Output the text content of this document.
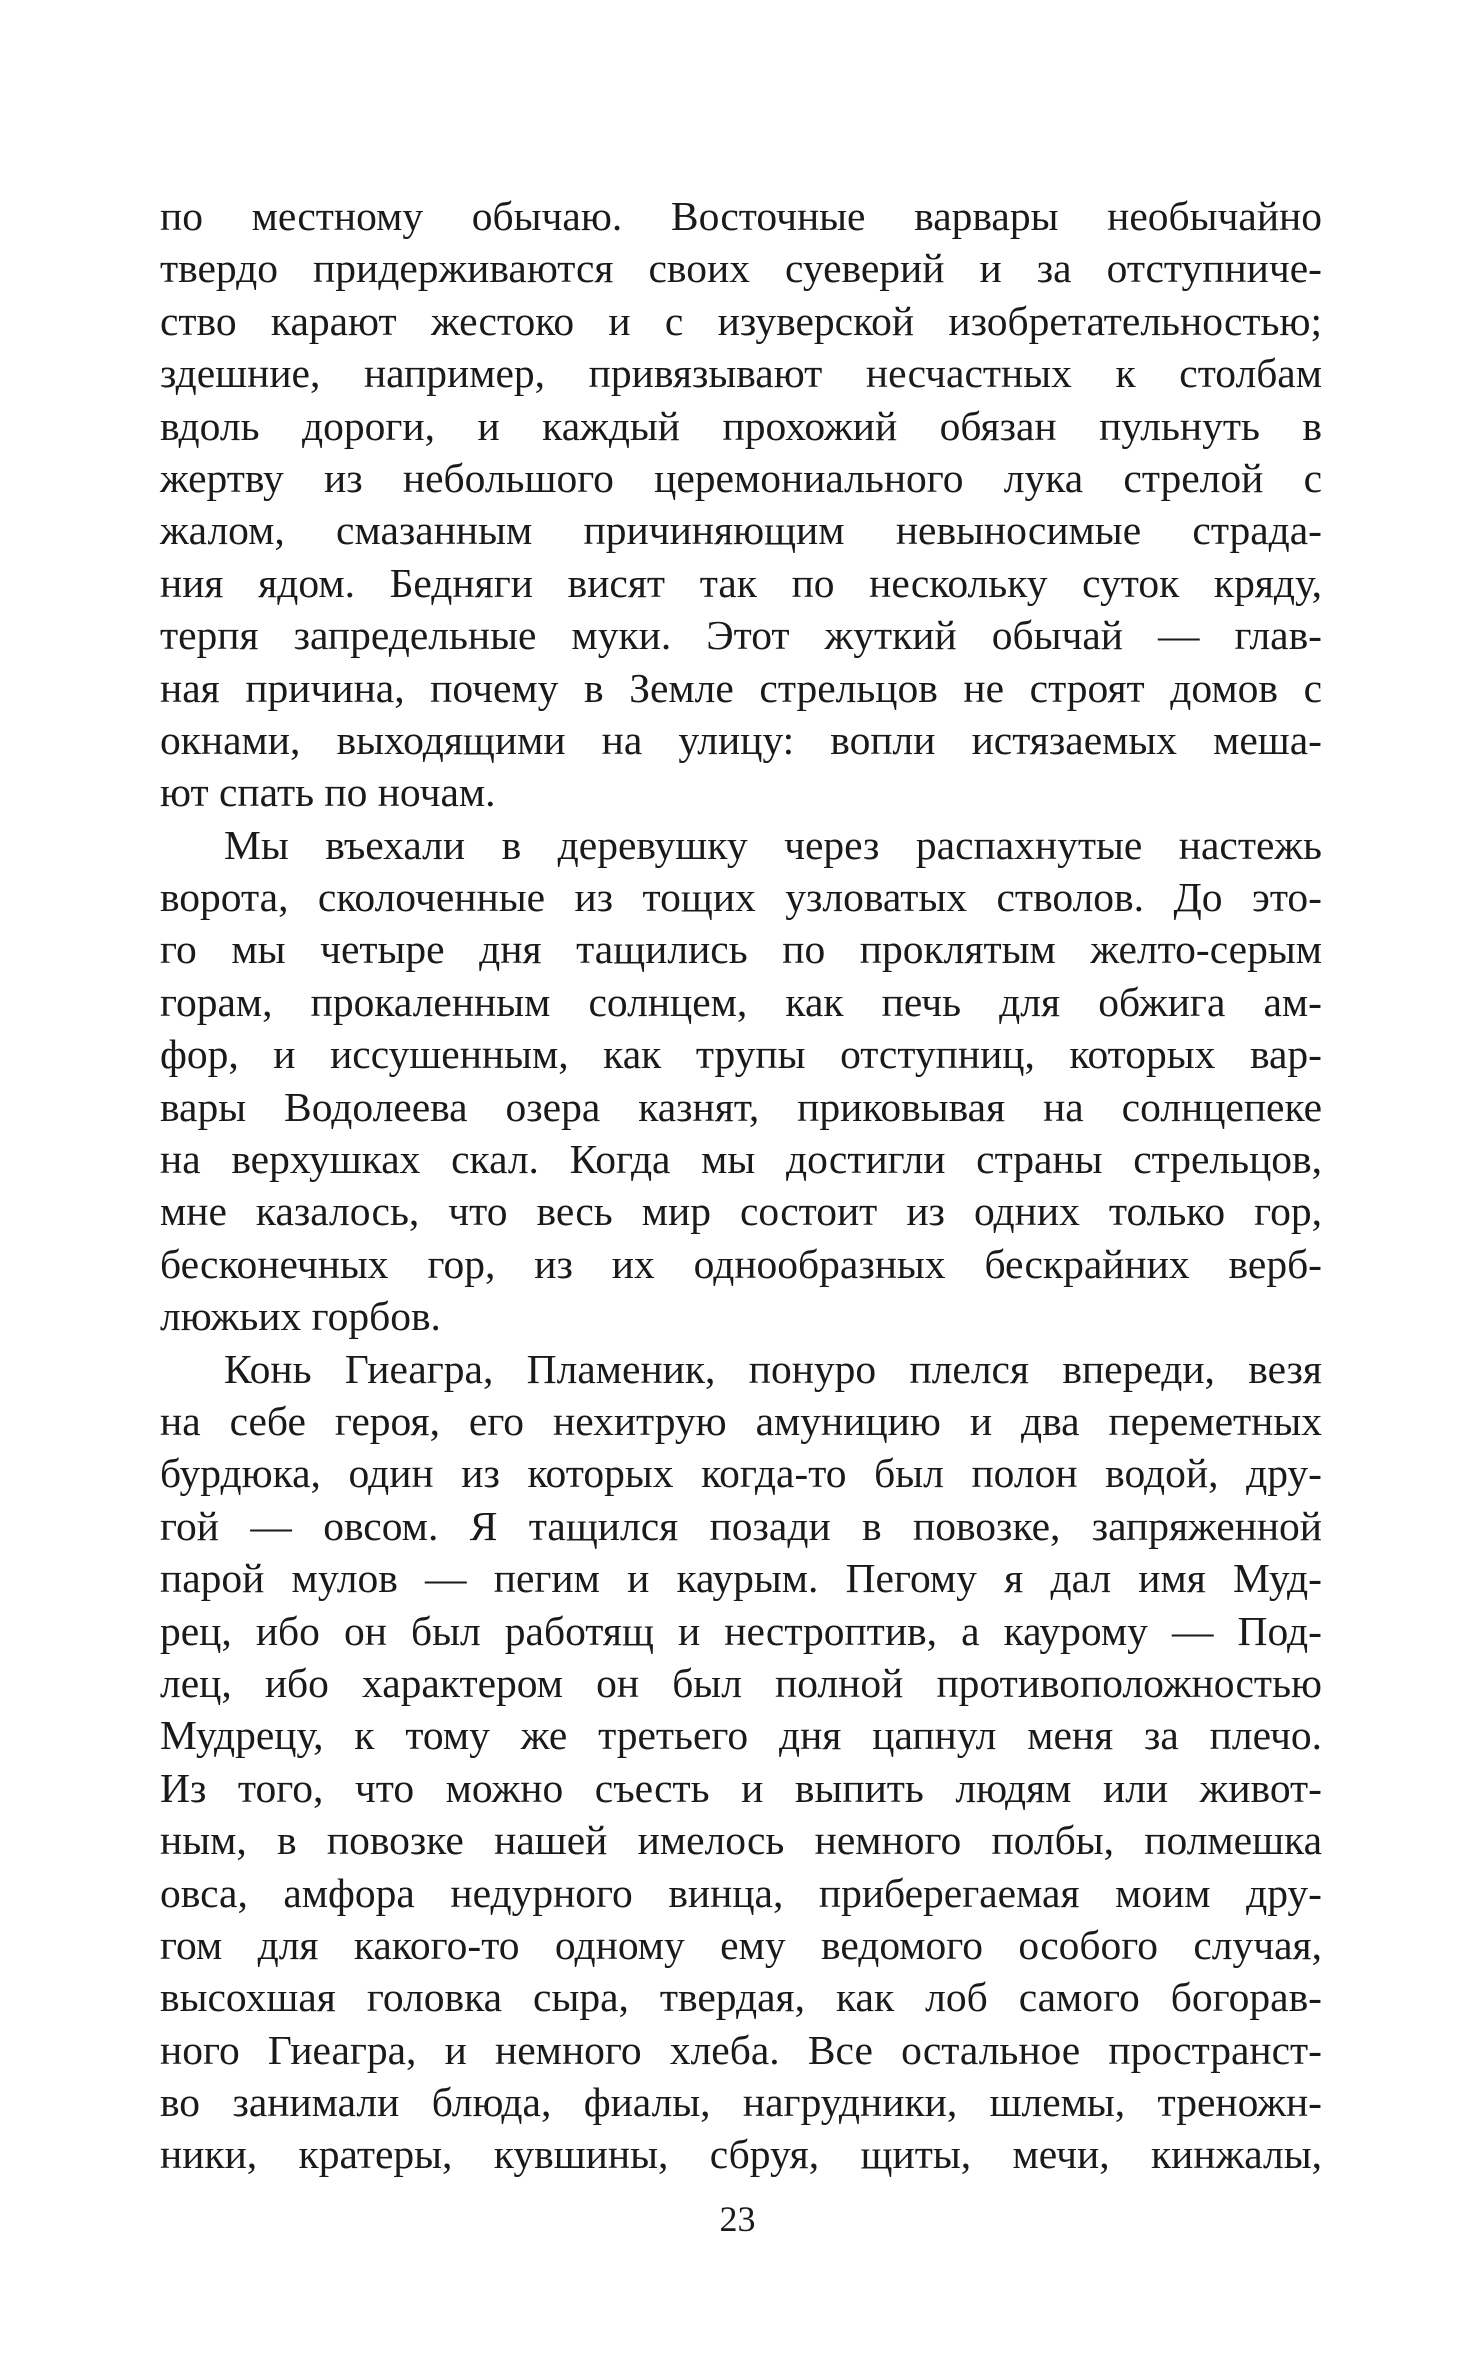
по местному обычаю. Восточные варвары необычайно
твердо придерживаются своих суеверий и за отступниче-
ство карают жестоко и с изуверской изобретательностью;
здешние, например, привязывают несчастных к столбам
вдоль дороги, и каждый прохожий обязан пульнуть в
жертву из небольшого церемониального лука стрелой с
жалом, смазанным причиняющим невыносимые страда-
ния ядом. Бедняги висят так по нескольку суток кряду,
терпя запредельные муки. Этот жуткий обычай — глав-
ная причина, почему в Земле стрельцов не строят домов с
окнами, выходящими на улицу: вопли истязаемых меша-
ют спать по ночам.
Мы въехали в деревушку через распахнутые настежь
ворота, сколоченные из тощих узловатых стволов. До это-
го мы четыре дня тащились по проклятым желто-серым
горам, прокаленным солнцем, как печь для обжига ам-
фор, и иссушенным, как трупы отступниц, которых вар-
вары Водолеева озера казнят, приковывая на солнцепеке
на верхушках скал. Когда мы достигли страны стрельцов,
мне казалось, что весь мир состоит из одних только гор,
бесконечных гор, из их однообразных бескрайних верб-
люжьих горбов.
Конь Гиеагра, Пламеник, понуро плелся впереди, везя
на себе героя, его нехитрую амуницию и два переметных
бурдюка, один из которых когда-то был полон водой, дру-
гой — овсом. Я тащился позади в повозке, запряженной
парой мулов — пегим и каурым. Пегому я дал имя Муд-
рец, ибо он был работящ и нестроптив, а каурому — Под-
лец, ибо характером он был полной противоположностью
Мудрецу, к тому же третьего дня цапнул меня за плечо.
Из того, что можно съесть и выпить людям или живот-
ным, в повозке нашей имелось немного полбы, полмешка
овса, амфора недурного винца, приберегаемая моим дру-
гом для какого-то одному ему ведомого особого случая,
высохшая головка сыра, твердая, как лоб самого богорав-
ного Гиеагра, и немного хлеба. Все остальное пространст-
во занимали блюда, фиалы, нагрудники, шлемы, треножн-
ники, кратеры, кувшины, сбруя, щиты, мечи, кинжалы,
23
